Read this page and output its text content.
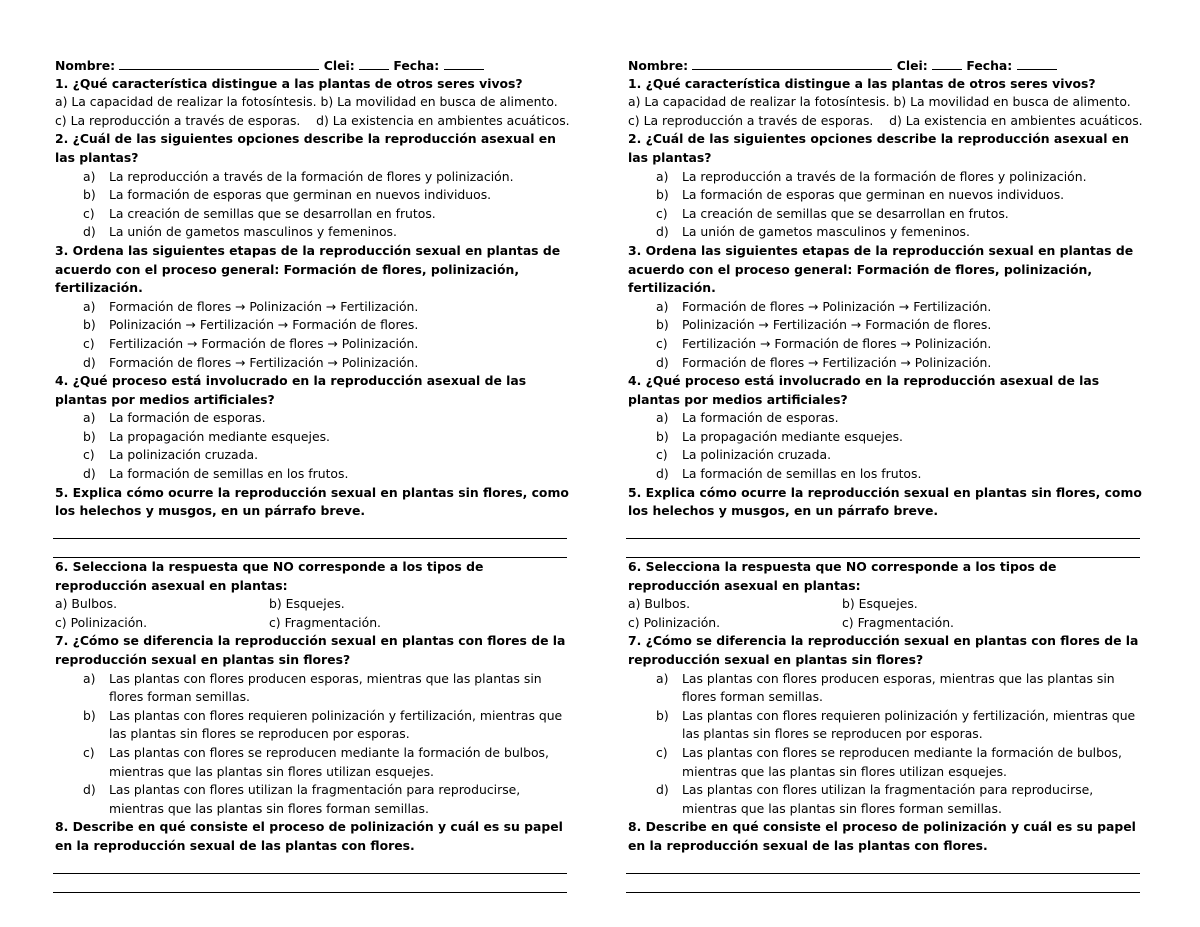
Nombre:	Clei:	Fecha:
1. ¿Qué característica distingue a las plantas de otros seres vivos?
a) La capacidad de realizar la fotosíntesis. b) La movilidad en busca de alimento.
c) La reproducción a través de esporas.    d) La existencia en ambientes acuáticos.
2. ¿Cuál de las siguientes opciones describe la reproducción asexual en las plantas?
a) La reproducción a través de la formación de flores y polinización.
b) La formación de esporas que germinan en nuevos individuos.
c) La creación de semillas que se desarrollan en frutos.
d) La unión de gametos masculinos y femeninos.
3. Ordena las siguientes etapas de la reproducción sexual en plantas de acuerdo con el proceso general: Formación de flores, polinización, fertilización.
a) Formación de flores → Polinización → Fertilización.
b) Polinización → Fertilización → Formación de flores.
c) Fertilización → Formación de flores → Polinización.
d) Formación de flores → Fertilización → Polinización.
4. ¿Qué proceso está involucrado en la reproducción asexual de las plantas por medios artificiales?
a) La formación de esporas.
b) La propagación mediante esquejes.
c) La polinización cruzada.
d) La formación de semillas en los frutos.
5. Explica cómo ocurre la reproducción sexual en plantas sin flores, como los helechos y musgos, en un párrafo breve.
6. Selecciona la respuesta que NO corresponde a los tipos de reproducción asexual en plantas:
a) Bulbos.	b) Esquejes.
c) Polinización.	c) Fragmentación.
7. ¿Cómo se diferencia la reproducción sexual en plantas con flores de la reproducción sexual en plantas sin flores?
a) Las plantas con flores producen esporas, mientras que las plantas sin flores forman semillas.
b) Las plantas con flores requieren polinización y fertilización, mientras que las plantas sin flores se reproducen por esporas.
c) Las plantas con flores se reproducen mediante la formación de bulbos, mientras que las plantas sin flores utilizan esquejes.
d) Las plantas con flores utilizan la fragmentación para reproducirse, mientras que las plantas sin flores forman semillas.
8. Describe en qué consiste el proceso de polinización y cuál es su papel en la reproducción sexual de las plantas con flores.
Nombre:	Clei:	Fecha:
1. ¿Qué característica distingue a las plantas de otros seres vivos?
a) La capacidad de realizar la fotosíntesis. b) La movilidad en busca de alimento.
c) La reproducción a través de esporas.    d) La existencia en ambientes acuáticos.
2. ¿Cuál de las siguientes opciones describe la reproducción asexual en las plantas?
a) La reproducción a través de la formación de flores y polinización.
b) La formación de esporas que germinan en nuevos individuos.
c) La creación de semillas que se desarrollan en frutos.
d) La unión de gametos masculinos y femeninos.
3. Ordena las siguientes etapas de la reproducción sexual en plantas de acuerdo con el proceso general: Formación de flores, polinización, fertilización.
a) Formación de flores → Polinización → Fertilización.
b) Polinización → Fertilización → Formación de flores.
c) Fertilización → Formación de flores → Polinización.
d) Formación de flores → Fertilización → Polinización.
4. ¿Qué proceso está involucrado en la reproducción asexual de las plantas por medios artificiales?
a) La formación de esporas.
b) La propagación mediante esquejes.
c) La polinización cruzada.
d) La formación de semillas en los frutos.
5. Explica cómo ocurre la reproducción sexual en plantas sin flores, como los helechos y musgos, en un párrafo breve.
6. Selecciona la respuesta que NO corresponde a los tipos de reproducción asexual en plantas:
a) Bulbos.	b) Esquejes.
c) Polinización.	c) Fragmentación.
7. ¿Cómo se diferencia la reproducción sexual en plantas con flores de la reproducción sexual en plantas sin flores?
a) Las plantas con flores producen esporas, mientras que las plantas sin flores forman semillas.
b) Las plantas con flores requieren polinización y fertilización, mientras que las plantas sin flores se reproducen por esporas.
c) Las plantas con flores se reproducen mediante la formación de bulbos, mientras que las plantas sin flores utilizan esquejes.
d) Las plantas con flores utilizan la fragmentación para reproducirse, mientras que las plantas sin flores forman semillas.
8. Describe en qué consiste el proceso de polinización y cuál es su papel en la reproducción sexual de las plantas con flores.
